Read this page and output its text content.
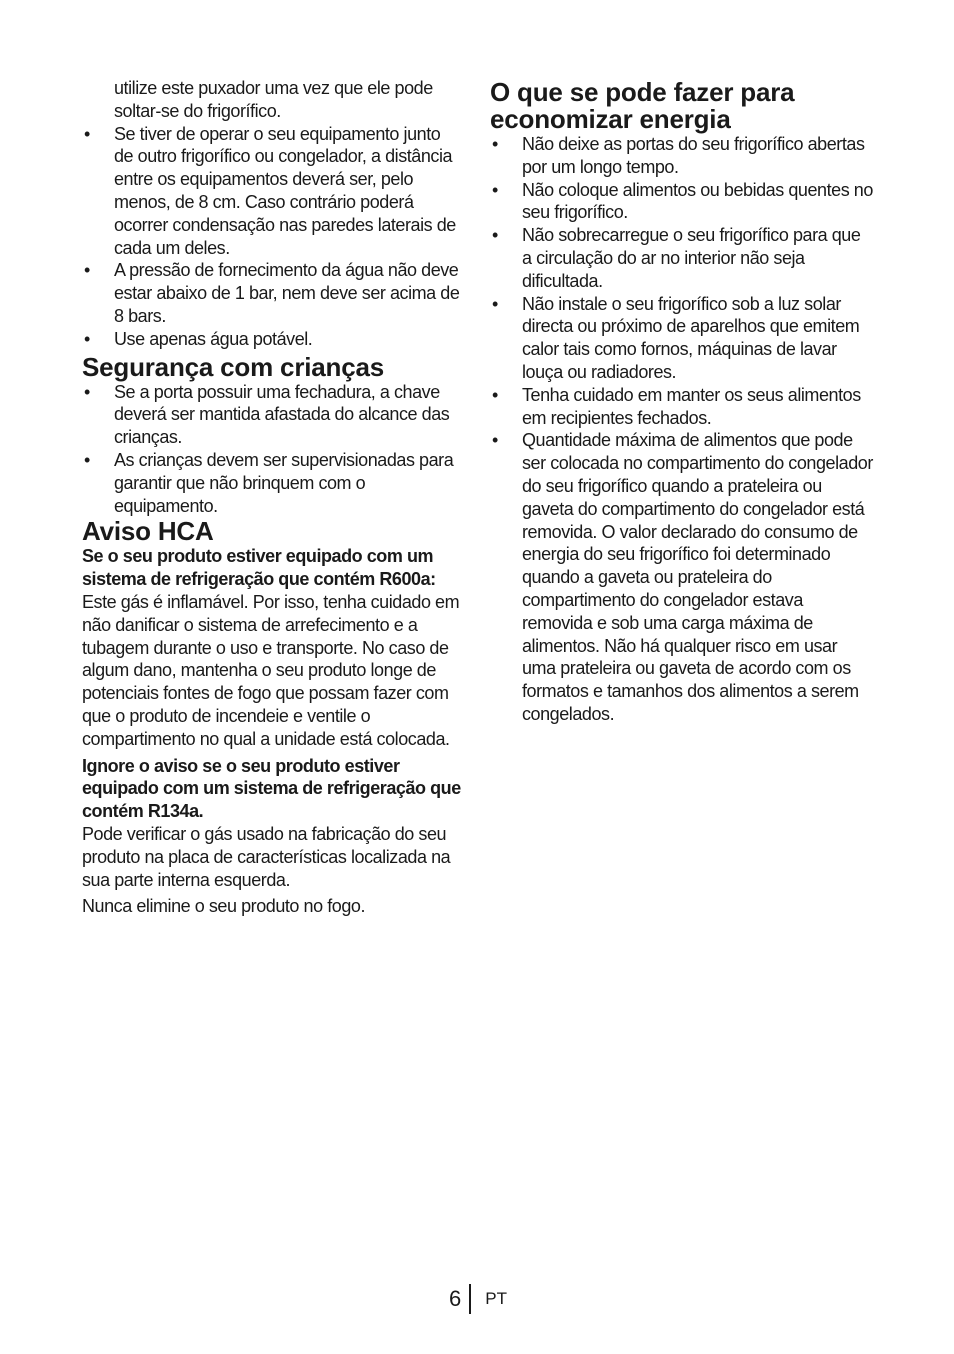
utilize este puxador uma vez que ele pode soltar-se do frigorífico.

• Se tiver de operar o seu equipamento junto de outro frigorífico ou congelador, a distância entre os equipamentos deverá ser, pelo menos, de 8 cm. Caso contrário poderá ocorrer condensação nas paredes laterais de cada um deles.
• A pressão de fornecimento da água não deve estar abaixo de 1 bar, nem deve ser acima de 8 bars.
• Use apenas água potável.
Segurança com crianças
• Se a porta possuir uma fechadura, a chave deverá ser mantida afastada do alcance das crianças.
• As crianças devem ser supervisionadas para garantir que não brinquem com o equipamento.
Aviso HCA

Se o seu produto estiver equipado com um sistema de refrigeração que contém R600a:

Este gás é inflamável. Por isso, tenha cuidado em não danificar o sistema de arrefecimento e a tubagem durante o uso e transporte. No caso de algum dano, mantenha o seu produto longe de potenciais fontes de fogo que possam fazer com que o produto de incendeie e ventile o compartimento no qual a unidade está colocada.

Ignore o aviso se o seu produto estiver equipado com um sistema de refrigeração que contém R134a.

Pode verificar o gás usado na fabricação do seu produto na placa de características localizada na sua parte interna esquerda.

Nunca elimine o seu produto no fogo.

O que se pode fazer para economizar energia
• Não deixe as portas do seu frigorífico abertas por um longo tempo.
• Não coloque alimentos ou bebidas quentes no seu frigorífico.
• Não sobrecarregue o seu frigorífico para que a circulação do ar no interior não seja dificultada.
• Não instale o seu frigorífico sob a luz solar directa ou próximo de aparelhos que emitem calor tais como fornos, máquinas de lavar louça ou radiadores.
• Tenha cuidado em manter os seus alimentos em recipientes fechados.
• Quantidade máxima de alimentos que pode ser colocada no compartimento do congelador do seu frigorífico quando a prateleira ou gaveta do compartimento do congelador está removida. O valor declarado do consumo de energia do seu frigorífico foi determinado quando a gaveta ou prateleira do compartimento do congelador estava removida e sob uma carga máxima de alimentos. Não há qualquer risco em usar uma prateleira ou gaveta de acordo com os formatos e tamanhos dos alimentos a serem congelados.
6 PT
